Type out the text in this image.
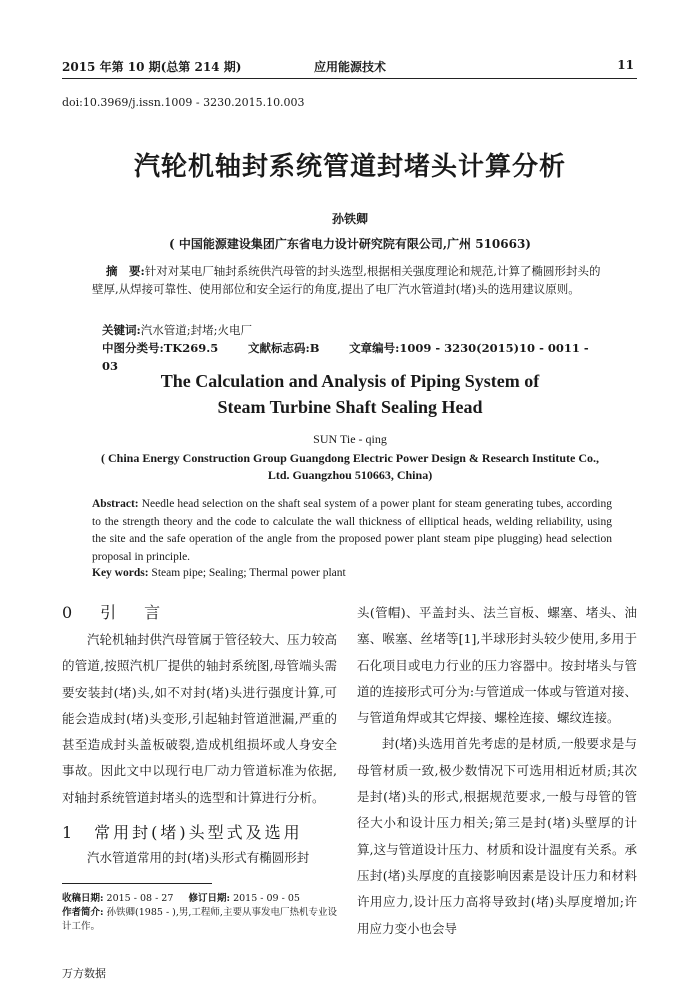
2015 年第 10 期(总第 214 期)	应用能源技术	11
doi:10.3969/j.issn.1009 - 3230.2015.10.003
汽轮机轴封系统管道封堵头计算分析
孙铁卿
( 中国能源建设集团广东省电力设计研究院有限公司,广州 510663)
摘　要:针对对某电厂轴封系统供汽母管的封头选型,根据相关强度理论和规范,计算了椭圆形封头的壁厚,从焊接可靠性、使用部位和安全运行的角度,提出了电厂汽水管道封(堵)头的选用建议原则。
关键词:汽水管道;封堵;火电厂
中图分类号:TK269.5	文献标志码:B	文章编号:1009 - 3230(2015)10 - 0011 - 03
The Calculation and Analysis of Piping System of Steam Turbine Shaft Sealing Head
SUN Tie - qing
( China Energy Construction Group Guangdong Electric Power Design & Research Institute Co., Ltd. Guangzhou 510663, China)
Abstract: Needle head selection on the shaft seal system of a power plant for steam generating tubes, according to the strength theory and the code to calculate the wall thickness of elliptical heads, welding reliability, using the site and the safe operation of the angle from the proposed power plant steam pipe plugging) head selection proposal in principle.
Key words: Steam pipe; Sealing; Thermal power plant
0　引　言
汽轮机轴封供汽母管属于管径较大、压力较高的管道,按照汽机厂提供的轴封系统图,母管端头需要安装封(堵)头,如不对封(堵)头进行强度计算,可能会造成封(堵)头变形,引起轴封管道泄漏,严重的甚至造成封头盖板破裂,造成机组损坏或人身安全事故。因此文中以现行电厂动力管道标准为依据,对轴封系统管道封堵头的选型和计算进行分析。
1　常用封(堵)头型式及选用
汽水管道常用的封(堵)头形式有椭圆形封
收稿日期: 2015 - 08 - 27 修订日期: 2015 - 09 - 05
作者简介: 孙铁卿(1985 - ),男,工程师,主要从事发电厂热机专业设计工作。
头(管帽)、平盖封头、法兰盲板、螺塞、堵头、油塞、喉塞、丝堵等[1],半球形封头较少使用,多用于石化项目或电力行业的压力容器中。按封堵头与管道的连接形式可分为:与管道成一体或与管道对接、与管道角焊或其它焊接、螺栓连接、螺纹连接。
封(堵)头选用首先考虑的是材质,一般要求是与母管材质一致,极少数情况下可选用相近材质;其次是封(堵)头的形式,根据规范要求,一般与母管的管径大小和设计压力相关;第三是封(堵)头壁厚的计算,这与管道设计压力、材质和设计温度有关系。承压封(堵)头厚度的直接影响因素是设计压力和材料许用应力,设计压力高将导致封(堵)头厚度增加;许用应力变小也会导
万方数据
